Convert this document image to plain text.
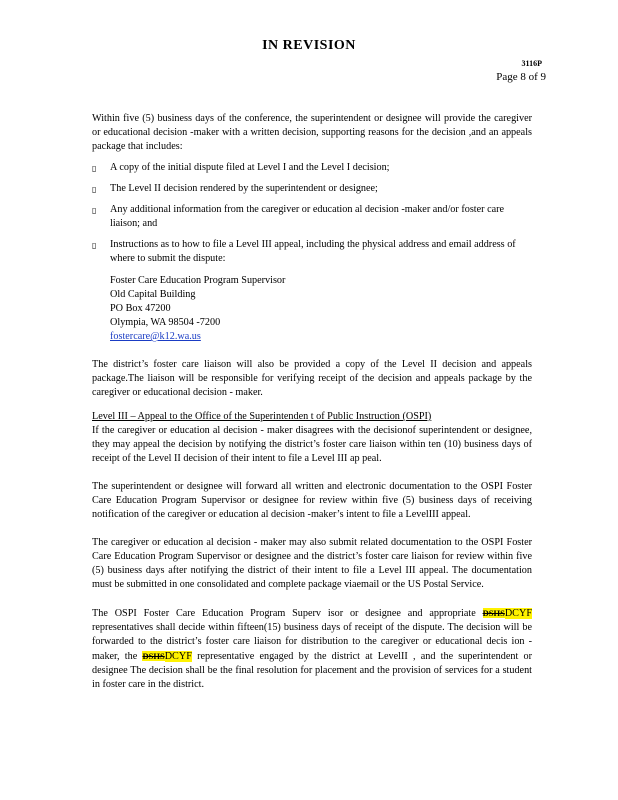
IN REVISION
3116P
Page 8 of 9

Within five (5) business days of the conference, the superintendent or designee will provide the caregiver or educational decision -maker with a written decision, supporting reasons for the decision ,and an appeals package that includes:

▯ A copy of the initial dispute filed at Level I and the Level I decision;
▯ The Level II decision rendered by the superintendent or designee;
▯ Any additional information from the caregiver or education al decision -maker and/or foster care liaison; and
▯ Instructions as to how to file a Level III appeal, including the physical address and email address of where to submit the dispute:
Foster Care Education Program Supervisor
Old Capital Building
PO Box 47200
Olympia, WA 98504 -7200
fostercare@k12.wa.us

The district’s foster care liaison will also be provided a copy of the Level II decision and appeals package.The liaison will be responsible for verifying receipt of the decision and appeals package by the caregiver or educational decision - maker.

Level III – Appeal to the Office of the Superintenden t of Public Instruction (OSPI)

If the caregiver or education al decision - maker disagrees with the decisionof superintendent or designee, they may appeal the decision by notifying the district’s foster care liaison within ten (10) business days of receipt of the Level II decision of their intent to file a Level III ap peal.

The superintendent or designee will forward all written and electronic documentation to the OSPI Foster Care Education Program Supervisor or designee for review within five (5) business days of receiving notification of the caregiver or education al decision -maker’s intent to file a LevelIII appeal.

The caregiver or education al decision - maker may also submit related documentation to the OSPI Foster Care Education Program Supervisor or designee and the district’s foster care liaison for review within five (5) business days after notifying the district of their intent to file a Level III appeal. The documentation must be submitted in one consolidated and complete package viaemail or the US Postal Service.

The OSPI Foster Care Education Program Superv isor or designee and appropriate DSHSDCYF representatives shall decide within fifteen(15) business days of receipt of the dispute. The decision will be forwarded to the district’s foster care liaison for distribution to the caregiver or educational decis ion -maker, the DSHSDCYF representative engaged by the district at LevelII , and the superintendent or designee The decision shall be the final resolution for placement and the provision of services for a student in foster care in the district.
